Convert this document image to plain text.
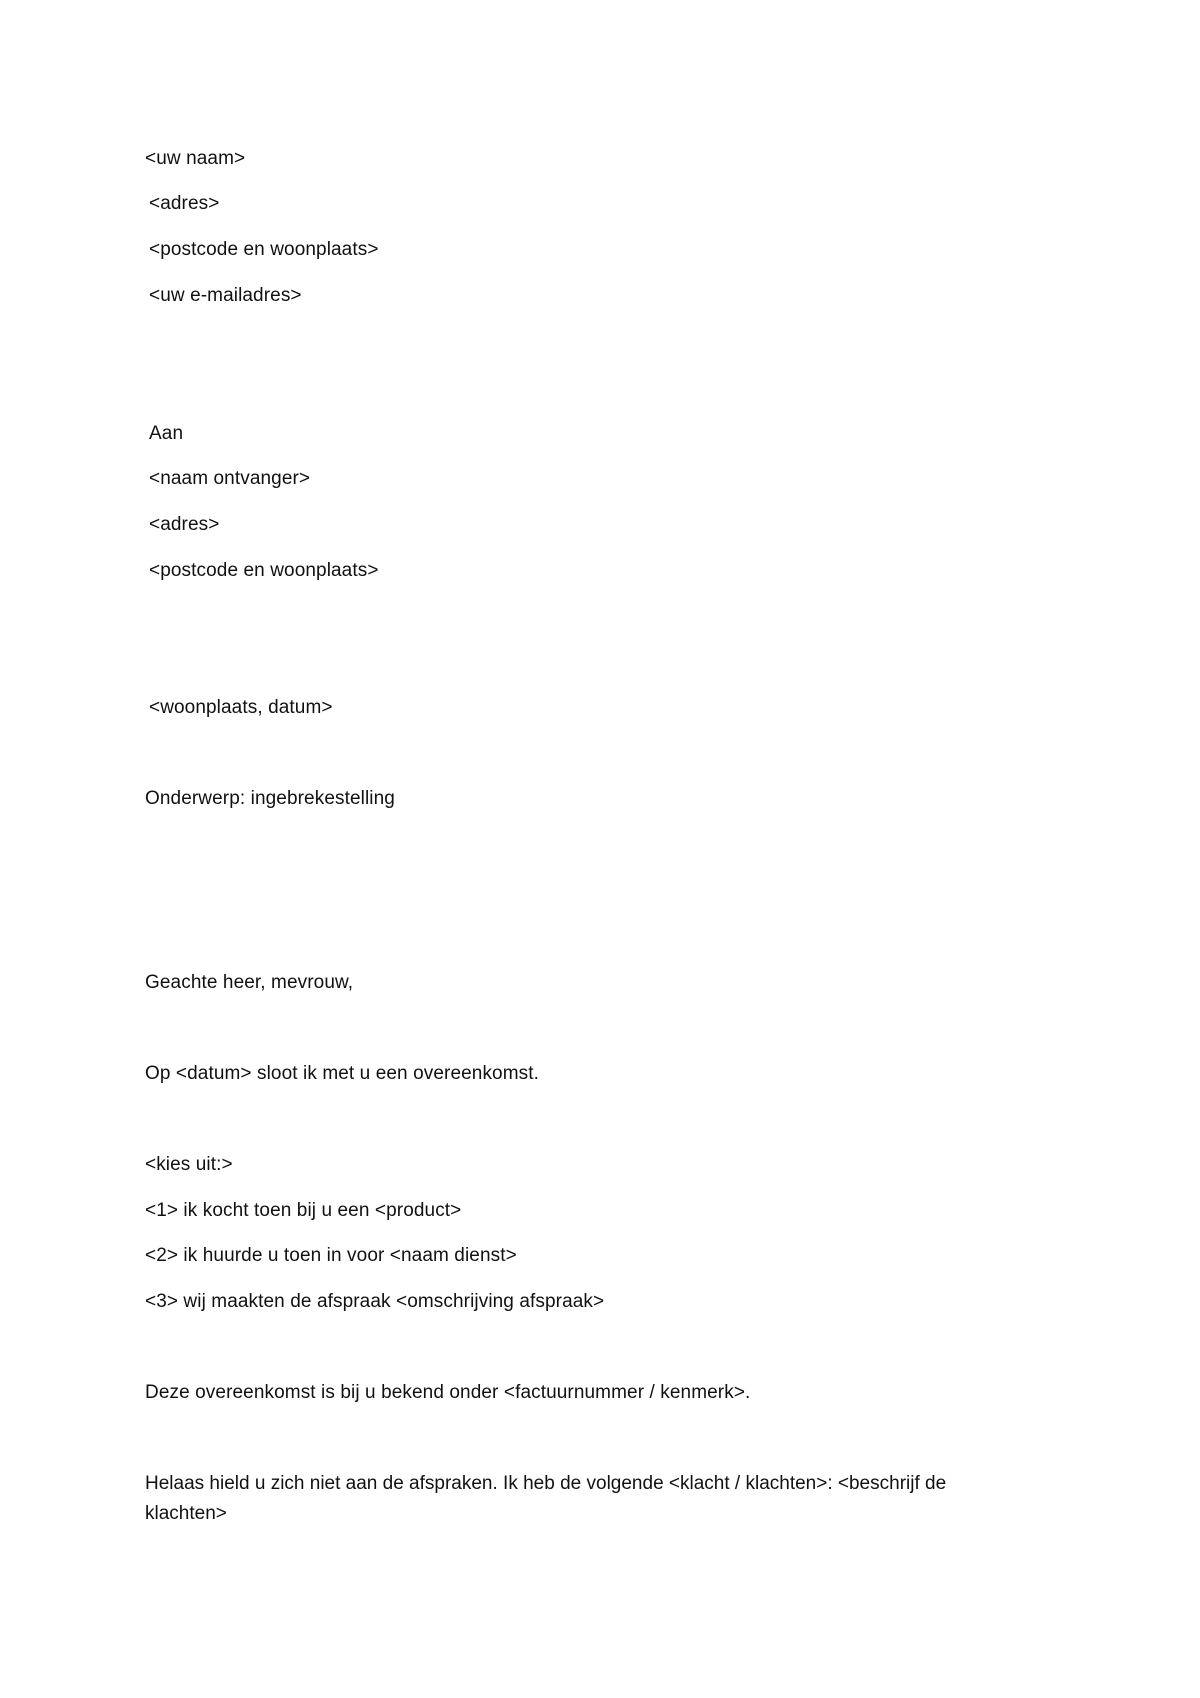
<uw naam>
<adres>
<postcode en woonplaats>
<uw e-mailadres>
Aan
<naam ontvanger>
<adres>
<postcode en woonplaats>
<woonplaats, datum>
Onderwerp: ingebrekestelling
Geachte heer, mevrouw,
Op <datum> sloot ik met u een overeenkomst.
<kies uit:>
<1> ik kocht toen bij u een <product>
<2> ik huurde u toen in voor <naam dienst>
<3> wij maakten de afspraak <omschrijving afspraak>
Deze overeenkomst is bij u bekend onder <factuurnummer / kenmerk>.
Helaas hield u zich niet aan de afspraken. Ik heb de volgende <klacht / klachten>: <beschrijf de klachten>
